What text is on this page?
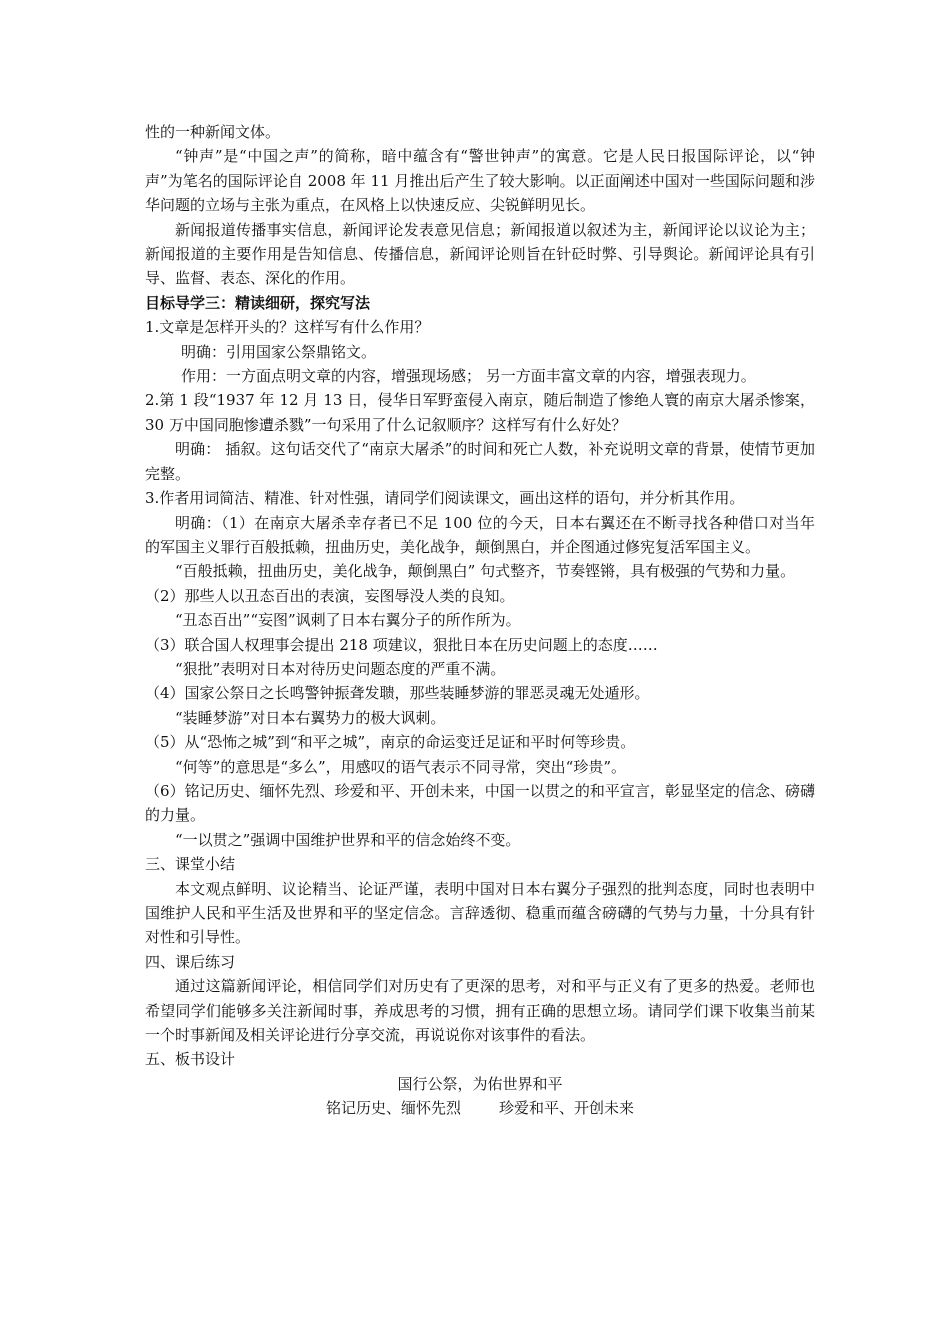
性的一种新闻文体。

“钟声”是“中国之声”的简称，暗中蕴含有“警世钟声”的寓意。它是人民日报国际评论，以“钟声”为笔名的国际评论自 2008 年 11 月推出后产生了较大影响。以正面阐述中国对一些国际问题和涉华问题的立场与主张为重点，在风格上以快速反应、尖锐鲜明见长。

新闻报道传播事实信息，新闻评论发表意见信息；新闻报道以叙述为主，新闻评论以议论为主；新闻报道的主要作用是告知信息、传播信息，新闻评论则旨在针砭时弊、引导舆论。新闻评论具有引导、监督、表态、深化的作用。

目标导学三：精读细研，探究写法

1.文章是怎样开头的？这样写有什么作用？

明确：引用国家公祭鼎铭文。

作用：一方面点明文章的内容，增强现场感； 另一方面丰富文章的内容，增强表现力。

2.第 1 段“1937 年 12 月 13 日，侵华日军野蛮侵入南京，随后制造了惨绝人寰的南京大屠杀惨案，30 万中国同胞惨遭杀戮”一句采用了什么记叙顺序？这样写有什么好处？

明确： 插叙。这句话交代了“南京大屠杀”的时间和死亡人数，补充说明文章的背景，使情节更加完整。

3.作者用词简洁、精准、针对性强，请同学们阅读课文，画出这样的语句，并分析其作用。

明确：（1）在南京大屠杀幸存者已不足 100 位的今天，日本右翼还在不断寻找各种借口对当年的军国主义罪行百般抵赖，扭曲历史，美化战争，颠倒黑白，并企图通过修宪复活军国主义。

“百般抵赖，扭曲历史，美化战争，颠倒黑白” 句式整齐，节奏铿锵，具有极强的气势和力量。

（2）那些人以丑态百出的表演，妄图辱没人类的良知。

“丑态百出”“妄图”讽刺了日本右翼分子的所作所为。

（3）联合国人权理事会提出 218 项建议，狠批日本在历史问题上的态度……

“狠批”表明对日本对待历史问题态度的严重不满。

（4）国家公祭日之长鸣警钟振聋发聩，那些装睡梦游的罪恶灵魂无处遁形。

“装睡梦游”对日本右翼势力的极大讽刺。

（5）从“恐怖之城”到“和平之城”，南京的命运变迁足证和平时何等珍贵。

“何等”的意思是“多么”，用感叹的语气表示不同寻常，突出“珍贵”。

（6）铭记历史、缅怀先烈、珍爱和平、开创未来，中国一以贯之的和平宣言，彰显坚定的信念、磅礴的力量。

“一以贯之”强调中国维护世界和平的信念始终不变。

三、课堂小结

本文观点鲜明、议论精当、论证严谨，表明中国对日本右翼分子强烈的批判态度，同时也表明中国维护人民和平生活及世界和平的坚定信念。言辞透彻、稳重而蕴含磅礴的气势与力量，十分具有针对性和引导性。

四、课后练习

通过这篇新闻评论，相信同学们对历史有了更深的思考，对和平与正义有了更多的热爱。老师也希望同学们能够多关注新闻时事，养成思考的习惯，拥有正确的思想立场。请同学们课下收集当前某一个时事新闻及相关评论进行分享交流，再说说你对该事件的看法。

五、板书设计

国行公祭，为佑世界和平

铭记历史、缅怀先烈	珍爱和平、开创未来
